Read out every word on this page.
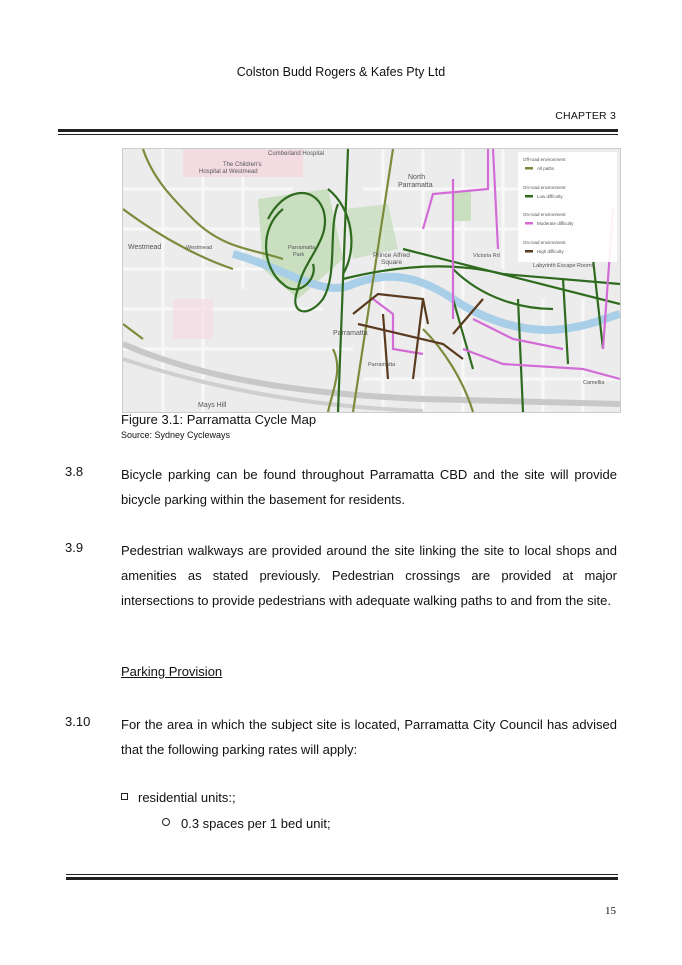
Colston Budd Rogers & Kafes Pty Ltd
CHAPTER 3
Cumberland Hospital
The Children's
Hospital at Westmead
North
Parramatta
Westmead	Westmead	Parramatta
Park	Prince Alfred
Square
Victoria Rd
Labyrinth Escape Rooms
Parramatta
Parramatta
Mays Hill
Camellia
Off-road environment
All paths
On-road environment
Low difficulty
On-road environment
Moderate difficulty
On-road environment
High difficulty
Figure 3.1: Parramatta Cycle Map
Source: Sydney Cycleways
3.8	Bicycle parking can be found throughout Parramatta CBD and the site will provide bicycle parking within the basement for residents.
3.9	Pedestrian walkways are provided around the site linking the site to local shops and amenities as stated previously. Pedestrian crossings are provided at major intersections to provide pedestrians with adequate walking paths to and from the site.
Parking Provision
3.10 For the area in which the subject site is located, Parramatta City Council has advised that the following parking rates will apply:
residential units:;
0.3 spaces per 1 bed unit;
15
